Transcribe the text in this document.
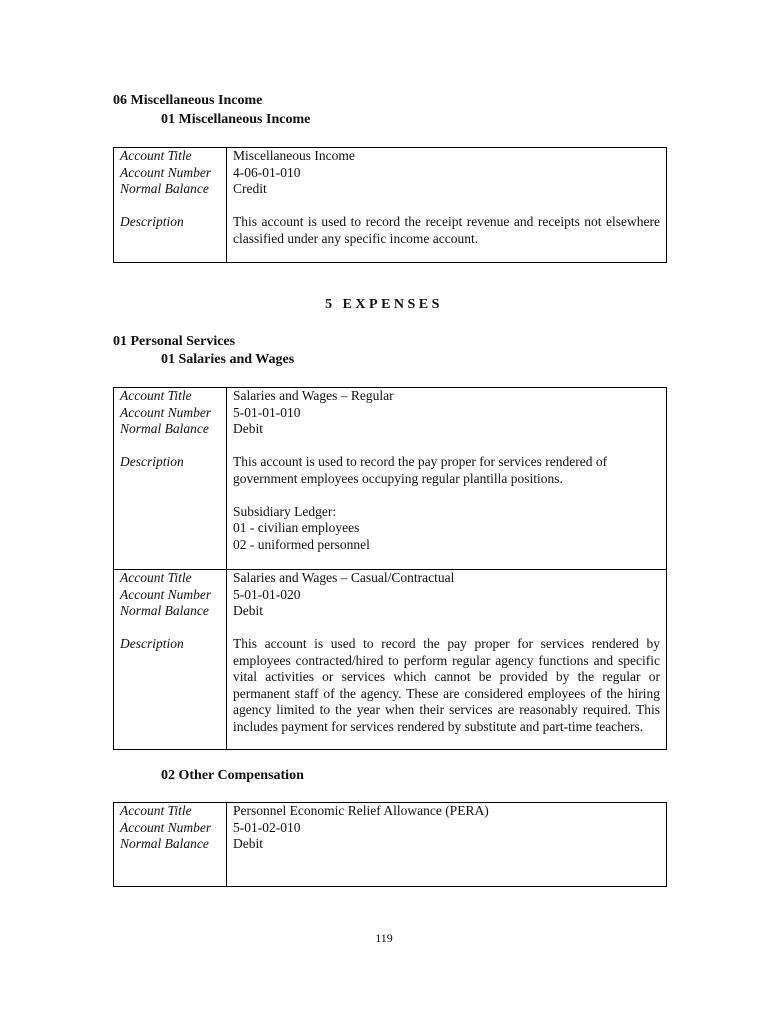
06 Miscellaneous Income
01 Miscellaneous Income
Account Title
Account Number
Normal Balance
Description
Miscellaneous Income
4-06-01-010
Credit
This account is used to record the receipt revenue and receipts not elsewhere classified under any specific income account.
5 EXPENSES
01 Personal Services
01 Salaries and Wages
Account Title
Account Number
Normal Balance
Description
Salaries and Wages – Regular
5-01-01-010
Debit
This account is used to record the pay proper for services rendered of government employees occupying regular plantilla positions.
Subsidiary Ledger:
01 - civilian employees
02 - uniformed personnel
Account Title
Account Number
Normal Balance
Description
Salaries and Wages – Casual/Contractual
5-01-01-020
Debit
This account is used to record the pay proper for services rendered by employees contracted/hired to perform regular agency functions and specific vital activities or services which cannot be provided by the regular or permanent staff of the agency. These are considered employees of the hiring agency limited to the year when their services are reasonably required. This includes payment for services rendered by substitute and part-time teachers.
02 Other Compensation
Account Title
Account Number
Normal Balance
Personnel Economic Relief Allowance (PERA)
5-01-02-010
Debit
119
